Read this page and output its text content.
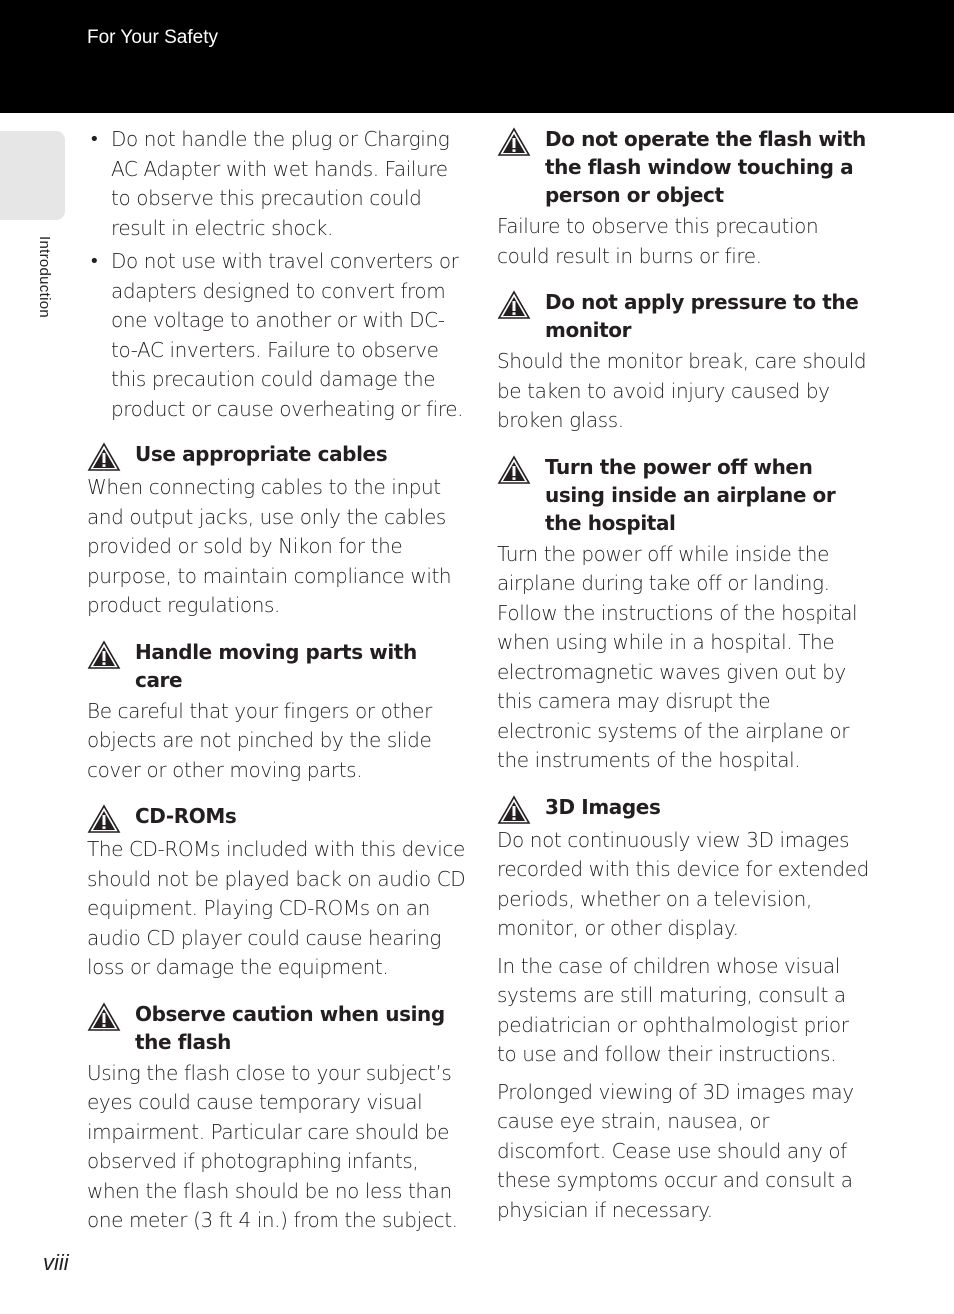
For Your Safety
Introduction
• Do not handle the plug or Charging AC Adapter with wet hands. Failure to observe this precaution could result in electric shock.
• Do not use with travel converters or adapters designed to convert from one voltage to another or with DC-to-AC inverters. Failure to observe this precaution could damage the product or cause overheating or fire.
Use appropriate cables

When connecting cables to the input and output jacks, use only the cables provided or sold by Nikon for the purpose, to maintain compliance with product regulations.

Handle moving parts with care

Be careful that your fingers or other objects are not pinched by the slide cover or other moving parts.

CD-ROMs

The CD-ROMs included with this device should not be played back on audio CD equipment. Playing CD-ROMs on an audio CD player could cause hearing loss or damage the equipment.

Observe caution when using the flash

Using the flash close to your subject’s eyes could cause temporary visual impairment. Particular care should be observed if photographing infants, when the flash should be no less than one meter (3 ft 4 in.) from the subject.

Do not operate the flash with the flash window touching a person or object

Failure to observe this precaution could result in burns or fire.

Do not apply pressure to the monitor

Should the monitor break, care should be taken to avoid injury caused by broken glass.

Turn the power off when using inside an airplane or the hospital

Turn the power off while inside the airplane during take off or landing. Follow the instructions of the hospital when using while in a hospital. The electromagnetic waves given out by this camera may disrupt the electronic systems of the airplane or the instruments of the hospital.

3D Images

Do not continuously view 3D images recorded with this device for extended periods, whether on a television, monitor, or other display.

In the case of children whose visual systems are still maturing, consult a pediatrician or ophthalmologist prior to use and follow their instructions.

Prolonged viewing of 3D images may cause eye strain, nausea, or discomfort. Cease use should any of these symptoms occur and consult a physician if necessary.

viii
